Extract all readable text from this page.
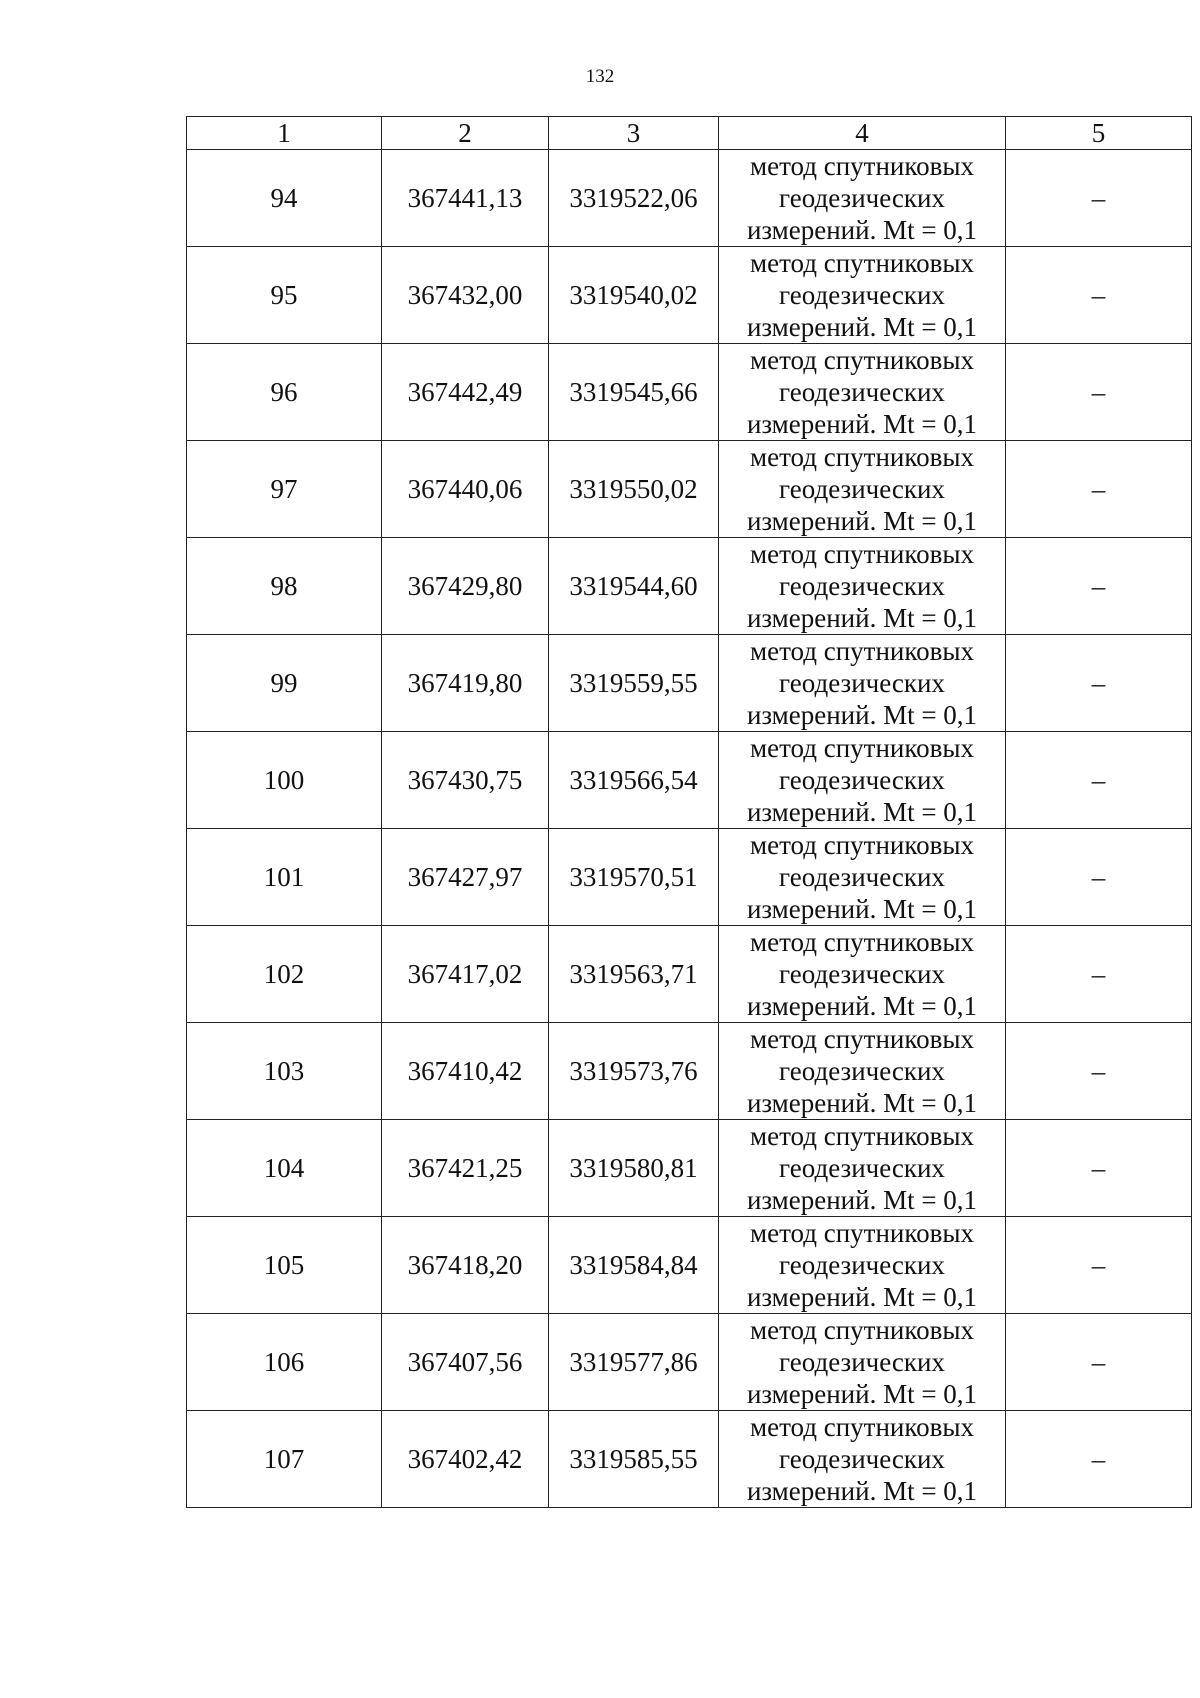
132
1	2	3	4	5
94	367441,13	3319522,06	метод спутниковых
геодезических
измерений. Mt = 0,1	–
95	367432,00	3319540,02	метод спутниковых
геодезических
измерений. Mt = 0,1	–
96	367442,49	3319545,66	метод спутниковых
геодезических
измерений. Mt = 0,1	–
97	367440,06	3319550,02	метод спутниковых
геодезических
измерений. Mt = 0,1	–
98	367429,80	3319544,60	метод спутниковых
геодезических
измерений. Mt = 0,1	–
99	367419,80	3319559,55	метод спутниковых
геодезических
измерений. Mt = 0,1	–
100	367430,75	3319566,54	метод спутниковых
геодезических
измерений. Mt = 0,1	–
101	367427,97	3319570,51	метод спутниковых
геодезических
измерений. Mt = 0,1	–
102	367417,02	3319563,71	метод спутниковых
геодезических
измерений. Mt = 0,1	–
103	367410,42	3319573,76	метод спутниковых
геодезических
измерений. Mt = 0,1	–
104	367421,25	3319580,81	метод спутниковых
геодезических
измерений. Mt = 0,1	–
105	367418,20	3319584,84	метод спутниковых
геодезических
измерений. Mt = 0,1	–
106	367407,56	3319577,86	метод спутниковых
геодезических
измерений. Mt = 0,1	–
107	367402,42	3319585,55	метод спутниковых
геодезических
измерений. Mt = 0,1	–
